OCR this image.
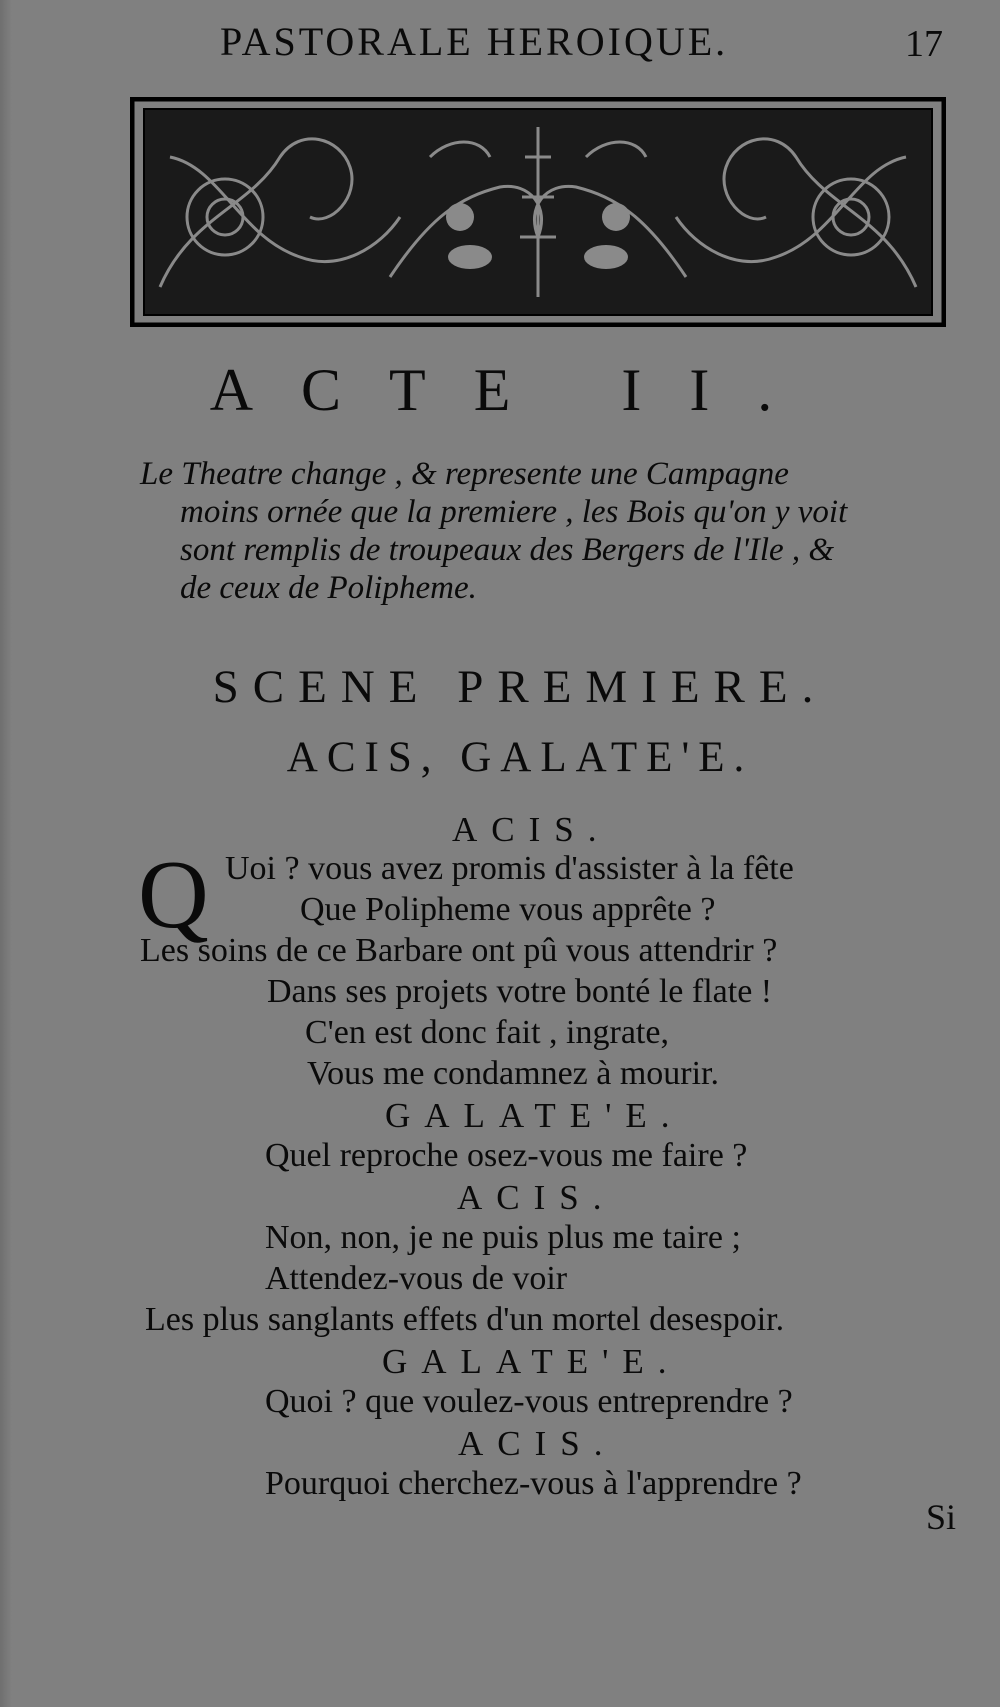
PASTORALE HEROIQUE.	17
ACTE II.
Le Theatre change , & represente une Campagne
moins ornée que la premiere , les Bois qu'on y voit
sont remplis de troupeaux des Bergers de l'Ile , &
de ceux de Polipheme.
SCENE PREMIERE.
ACIS, GALATE'E.
ACIS.
Q Uoi ? vous avez promis d'assister à la fête
Que Polipheme vous apprête ?
Les soins de ce Barbare ont pû vous attendrir ?
Dans ses projets votre bonté le flate !
C'en est donc fait , ingrate,
Vous me condamnez à mourir.
GALATE'E.
Quel reproche osez-vous me faire ?
ACIS.
Non, non, je ne puis plus me taire ;
Attendez-vous de voir
Les plus sanglants effets d'un mortel desespoir.
GALATE'E.
Quoi ? que voulez-vous entreprendre ?
ACIS.
Pourquoi cherchez-vous à l'apprendre ?
Si
